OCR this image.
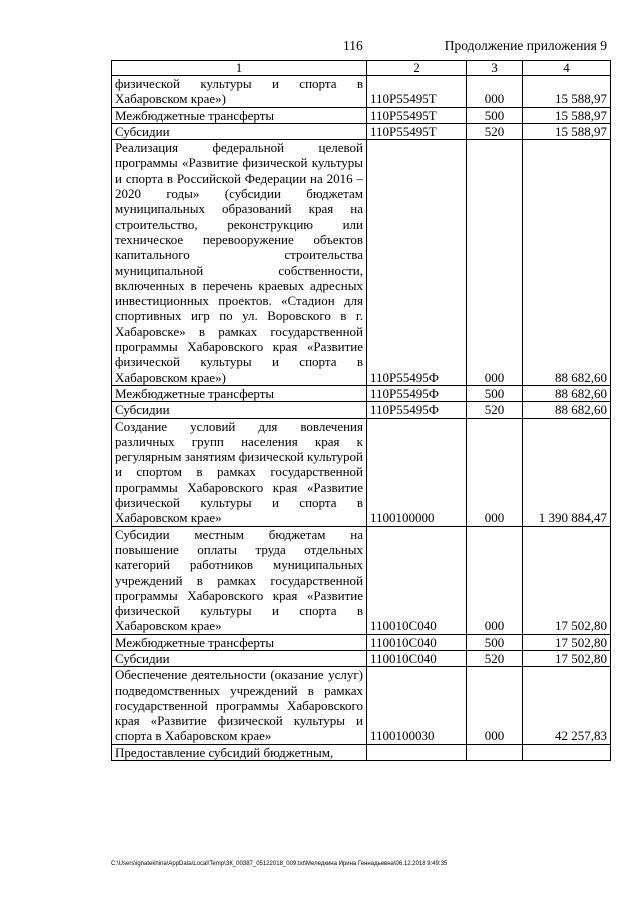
116	Продолжение приложения 9
1	2	3	4
физической культуры и спорта в Хабаровском крае»)	110P55495Т	000	15 588,97
Межбюджетные трансферты	110P55495Т	500	15 588,97
Субсидии	110P55495Т	520	15 588,97
Реализация федеральной целевой программы «Развитие физической культуры и спорта в Российской Федерации на 2016 – 2020 годы» (субсидии бюджетам муниципальных образований края на строительство, реконструкцию или техническое перевооружение объектов капитального строительства муниципальной собственности, включенных в перечень краевых адресных инвестиционных проектов. «Стадион для спортивных игр по ул. Воровского в г. Хабаровске» в рамках государственной программы Хабаровского края «Развитие физической культуры и спорта в Хабаровском крае»)	110P55495Ф	000	88 682,60
Межбюджетные трансферты	110P55495Ф	500	88 682,60
Субсидии	110P55495Ф	520	88 682,60
Создание условий для вовлечения различных групп населения края к регулярным занятиям физической культурой и спортом в рамках государственной программы Хабаровского края «Развитие физической культуры и спорта в Хабаровском крае»	1100100000	000	1 390 884,47
Субсидии местным бюджетам на повышение оплаты труда отдельных категорий работников муниципальных учреждений в рамках государственной программы Хабаровского края «Развитие физической культуры и спорта в Хабаровском крае»	110010С040	000	17 502,80
Межбюджетные трансферты	110010С040	500	17 502,80
Субсидии	110010С040	520	17 502,80
Обеспечение деятельности (оказание услуг) подведомственных учреждений в рамках государственной программы Хабаровского края «Развитие физической культуры и спорта в Хабаровском крае»	1100100030	000	42 257,83
Предоставление субсидий бюджетным,			
C:\Users\ignatekhina\AppData\Local\Temp\ЗК_00387_05122018_009.txt\Меледкина Ирина Геннадьевна\06.12.2018 9:49:35
